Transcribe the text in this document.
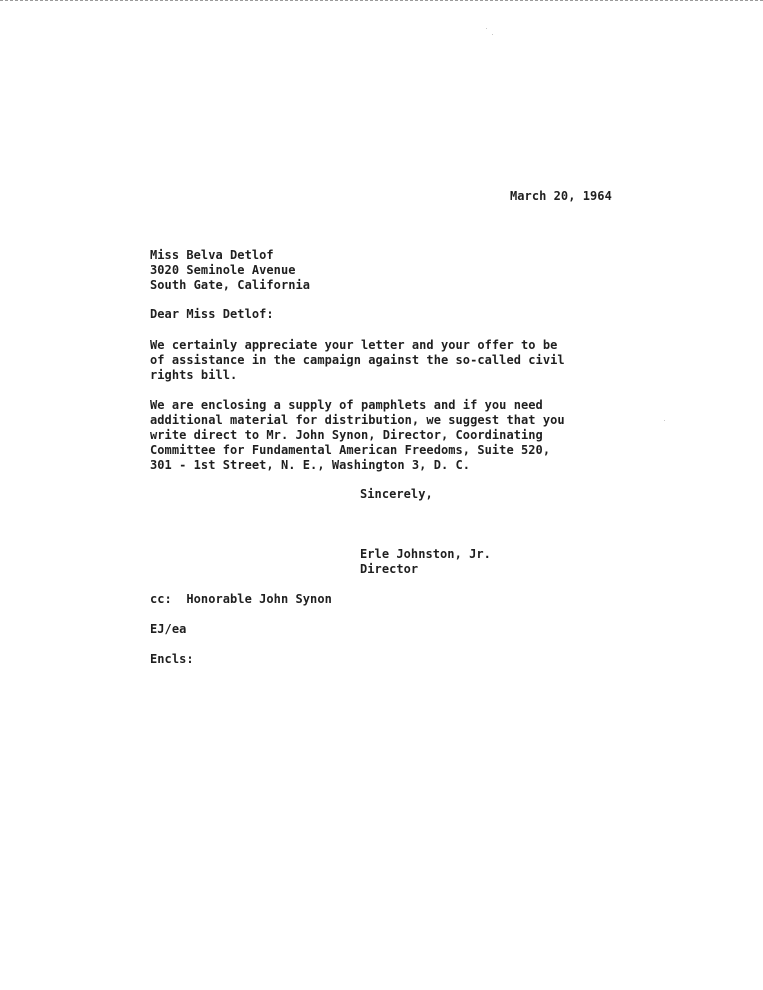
March 20, 1964
Miss Belva Detlof
3020 Seminole Avenue
South Gate, California
Dear Miss Detlof:
We certainly appreciate your letter and your offer to be
of assistance in the campaign against the so-called civil
rights bill.
We are enclosing a supply of pamphlets and if you need
additional material for distribution, we suggest that you
write direct to Mr. John Synon, Director, Coordinating
Committee for Fundamental American Freedoms, Suite 520,
301 - 1st Street, N. E., Washington 3, D. C.
Sincerely,
Erle Johnston, Jr.
Director
cc:  Honorable John Synon
EJ/ea
Encls:
